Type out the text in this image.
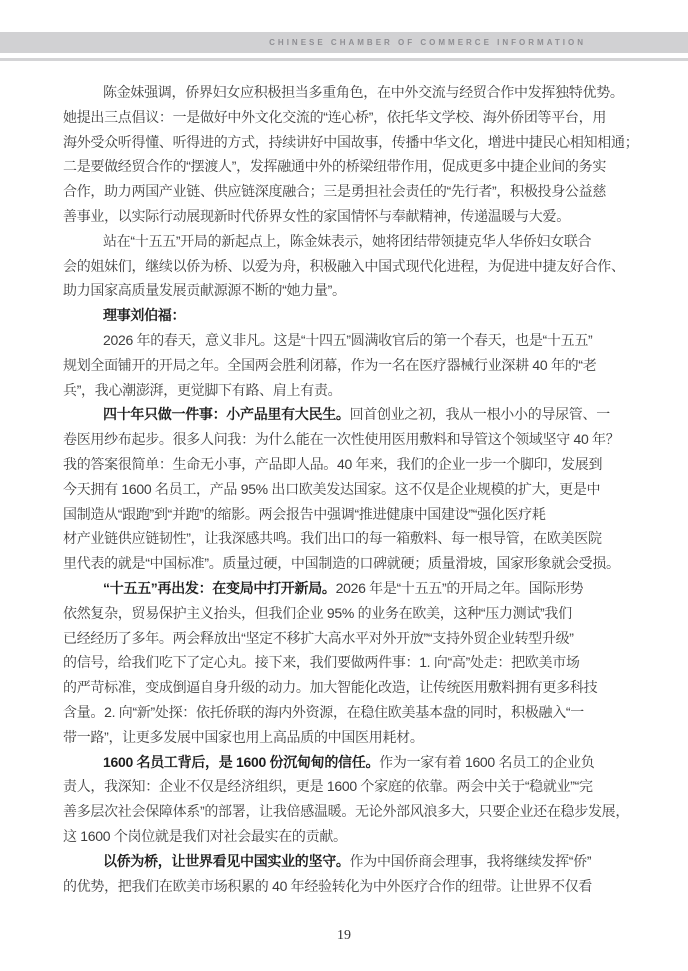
CHINESE CHAMBER OF COMMERCE INFORMATION
陈金妹强调，侨界妇女应积极担当多重角色，在中外交流与经贸合作中发挥独特优势。
她提出三点倡议：一是做好中外文化交流的“连心桥”，依托华文学校、海外侨团等平台，用
海外受众听得懂、听得进的方式，持续讲好中国故事，传播中华文化，增进中捷民心相知相通；
二是要做经贸合作的“摆渡人”，发挥融通中外的桥梁纽带作用，促成更多中捷企业间的务实
合作，助力两国产业链、供应链深度融合；三是勇担社会责任的“先行者”，积极投身公益慈
善事业，以实际行动展现新时代侨界女性的家国情怀与奉献精神，传递温暖与大爱。
站在“十五五”开局的新起点上，陈金妹表示，她将团结带领捷克华人华侨妇女联合
会的姐妹们，继续以侨为桥、以爱为舟，积极融入中国式现代化进程，为促进中捷友好合作、
助力国家高质量发展贡献源源不断的“她力量”。
理事刘伯福：
2026 年的春天，意义非凡。这是“十四五”圆满收官后的第一个春天，也是“十五五”
规划全面铺开的开局之年。全国两会胜利闭幕，作为一名在医疗器械行业深耕 40 年的“老
兵”，我心潮澎湃，更觉脚下有路、肩上有责。
四十年只做一件事：小产品里有大民生。回首创业之初，我从一根小小的导尿管、一
卷医用纱布起步。很多人问我：为什么能在一次性使用医用敷料和导管这个领域坚守 40 年？
我的答案很简单：生命无小事，产品即人品。40 年来，我们的企业一步一个脚印，发展到
今天拥有 1600 名员工，产品 95% 出口欧美发达国家。这不仅是企业规模的扩大，更是中
国制造从“跟跑”到“并跑”的缩影。两会报告中强调“推进健康中国建设”“强化医疗耗
材产业链供应链韧性”，让我深感共鸣。我们出口的每一箱敷料、每一根导管，在欧美医院
里代表的就是“中国标准”。质量过硬，中国制造的口碑就硬；质量滑坡，国家形象就会受损。
“十五五”再出发：在变局中打开新局。2026 年是“十五五”的开局之年。国际形势
依然复杂，贸易保护主义抬头，但我们企业 95% 的业务在欧美，这种“压力测试”我们
已经经历了多年。两会释放出“坚定不移扩大高水平对外开放”“支持外贸企业转型升级”
的信号，给我们吃下了定心丸。接下来，我们要做两件事：1. 向“高”处走：把欧美市场
的严苛标准，变成倒逼自身升级的动力。加大智能化改造，让传统医用敷料拥有更多科技
含量。2. 向“新”处探：依托侨联的海内外资源，在稳住欧美基本盘的同时，积极融入“一
带一路”，让更多发展中国家也用上高品质的中国医用耗材。
1600 名员工背后，是 1600 份沉甸甸的信任。作为一家有着 1600 名员工的企业负
责人，我深知：企业不仅是经济组织，更是 1600 个家庭的依靠。两会中关于“稳就业”“完
善多层次社会保障体系”的部署，让我倍感温暖。无论外部风浪多大，只要企业还在稳步发展，
这 1600 个岗位就是我们对社会最实在的贡献。
以侨为桥，让世界看见中国实业的坚守。作为中国侨商会理事，我将继续发挥“侨”
的优势，把我们在欧美市场积累的 40 年经验转化为中外医疗合作的纽带。让世界不仅看
19
